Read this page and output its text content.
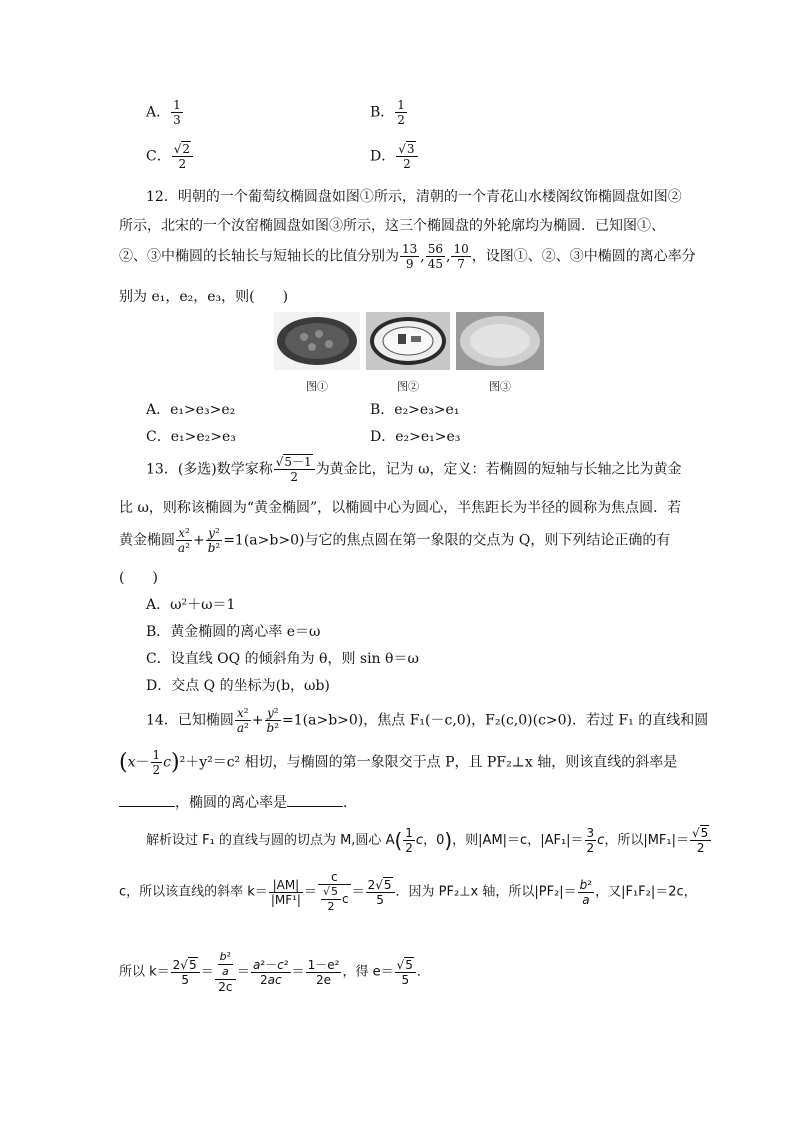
A． $\frac{1}{3}$	B． $\frac{1}{2}$
C． $\frac{√2}{2}$	D． $\frac{√3}{2}$
12．明朝的一个葡萄纹椭圆盘如图①所示，清朝的一个青花山水楼阁纹饰椭圆盘如图②
所示，北宋的一个汝窑椭圆盘如图③所示，这三个椭圆盘的外轮廓均为椭圆．已知图①、
②、③中椭圆的长轴长与短轴长的比值分别为 $\frac{13}{9}$ , $\frac{56}{45}$ , $\frac{10}{7}$ ，设图①、②、③中椭圆的离心率分
别为 e₁，e₂，e₃，则(　　)
图①	图②	图③
A．e₁>e₃>e₂	B．e₂>e₃>e₁
C．e₁>e₂>e₃	D．e₂>e₁>e₃
13．(多选)数学家称 $\frac{√5-1}{2}$ 为黄金比，记为 ω，定义：若椭圆的短轴与长轴之比为黄金
比 ω，则称该椭圆为“黄金椭圆”，以椭圆中心为圆心，半焦距长为半径的圆称为焦点圆．若
黄金椭圆 $\frac{\text{x²}}{\text{a²}} + \frac{\text{y²}}{\text{b²}} =1(a>b>0)$与它的焦点圆在第一象限的交点为 Q，则下列结论正确的有
(　　)
A．ω²＋ω＝1
B．黄金椭圆的离心率 e＝ω
C．设直线 OQ 的倾斜角为 θ，则 sin θ＝ω
D．交点 Q 的坐标为(b，ωb)
14．已知椭圆 $\frac{\text{x²}}{\text{a²}} + \frac{\text{y²}}{\text{b²}} =1(a>b>0)$，焦点 F₁(－c,0)，F₂(c,0)(c>0)．若过 F₁ 的直线和圆
$(x- \frac{1}{2} c)^2+y^2=c^2$ 相切，与椭圆的第一象限交于点 P，且 PF₂⊥x 轴，则该直线的斜率是
，椭圆的离心率是	．
解析设过 F₁ 的直线与圆的切点为 M,圆心 $A( \frac{1}{2}$ c，0)，则|AM|＝c，$|AF_1|= \frac{3}{2}$ c，所以$|MF_1|= \frac{√5}{2}$
c，所以该直线的斜率 $k= \frac{|AM|}{\text{|MF¹|}} = \frac{c}{\frac{√5}{2} c} = \frac{2√5}{5}$ ．因为 PF₂⊥x 轴，所以$|PF_2|= \frac{\text{b²}}{a}$ ，又|F₁F₂|＝2c，
所以 $k= \frac{2√5}{5} = \frac{\frac{\text{b²}}{a}}{2c} = \frac{\text{a²－c²}}{2ac} = \frac{\text{1－e²}}{2e}$ ，得 $e= \frac{√5}{5}$ ．
